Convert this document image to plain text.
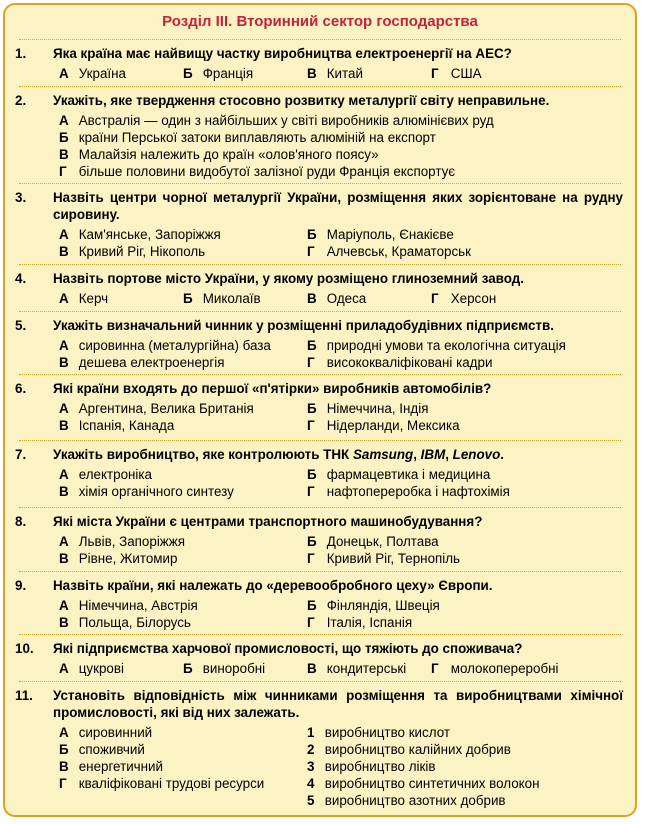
Розділ ІІІ. Вторинний сектор господарства
1.	Яка країна має найвищу частку виробництва електроенергії на АЕС?
А Україна	Б Франція	В Китай	Г США
2.	Укажіть, яке твердження стосовно розвитку металургії світу неправильне.
А Австралія — один з найбільших у світі виробників алюмінієвих руд
Б країни Перської затоки виплавляють алюміній на експорт
В Малайзія належить до країн «олов'яного поясу»
Г більше половини видобутої залізної руди Франція експортує
3.	Назвіть центри чорної металургії України, розміщення яких зорієнтоване на рудну сировину.
А Кам'янське, Запоріжжя	Б Маріуполь, Єнакієве
В Кривий Ріг, Нікополь	Г Алчевськ, Краматорськ
4.	Назвіть портове місто України, у якому розміщено глиноземний завод.
А Керч	Б Миколаїв	В Одеса	Г Херсон
5.	Укажіть визначальний чинник у розміщенні приладобудівних підприємств.
А сировинна (металургійна) база	Б природні умови та екологічна ситуація
В дешева електроенергія	Г висококваліфіковані кадри
6.	Які країни входять до першої «п'ятірки» виробників автомобілів?
А Аргентина, Велика Британія	Б Німеччина, Індія
В Іспанія, Канада	Г Нідерланди, Мексика
7.	Укажіть виробництво, яке контролюють ТНК Samsung, IBM, Lenovo.
А електроніка	Б фармацевтика і медицина
В хімія органічного синтезу	Г нафтопереробка і нафтохімія
8.	Які міста України є центрами транспортного машинобудування?
А Львів, Запоріжжя	Б Донецьк, Полтава
В Рівне, Житомир	Г Кривий Ріг, Тернопіль
9.	Назвіть країни, які належать до «деревообробного цеху» Європи.
А Німеччина, Австрія	Б Фінляндія, Швеція
В Польща, Білорусь	Г Італія, Іспанія
10.	Які підприємства харчової промисловості, що тяжіють до споживача?
А цукрові	Б виноробні	В кондитерські	Г молокопереробні
11.	Установіть відповідність між чинниками розміщення та виробництвами хімічної промисловості, які від них залежать.
А сировинний	1 виробництво кислот
Б споживчий	2 виробництво калійних добрив
В енергетичний	3 виробництво ліків
Г кваліфіковані трудові ресурси	4 виробництво синтетичних волокон
5 виробництво азотних добрив
